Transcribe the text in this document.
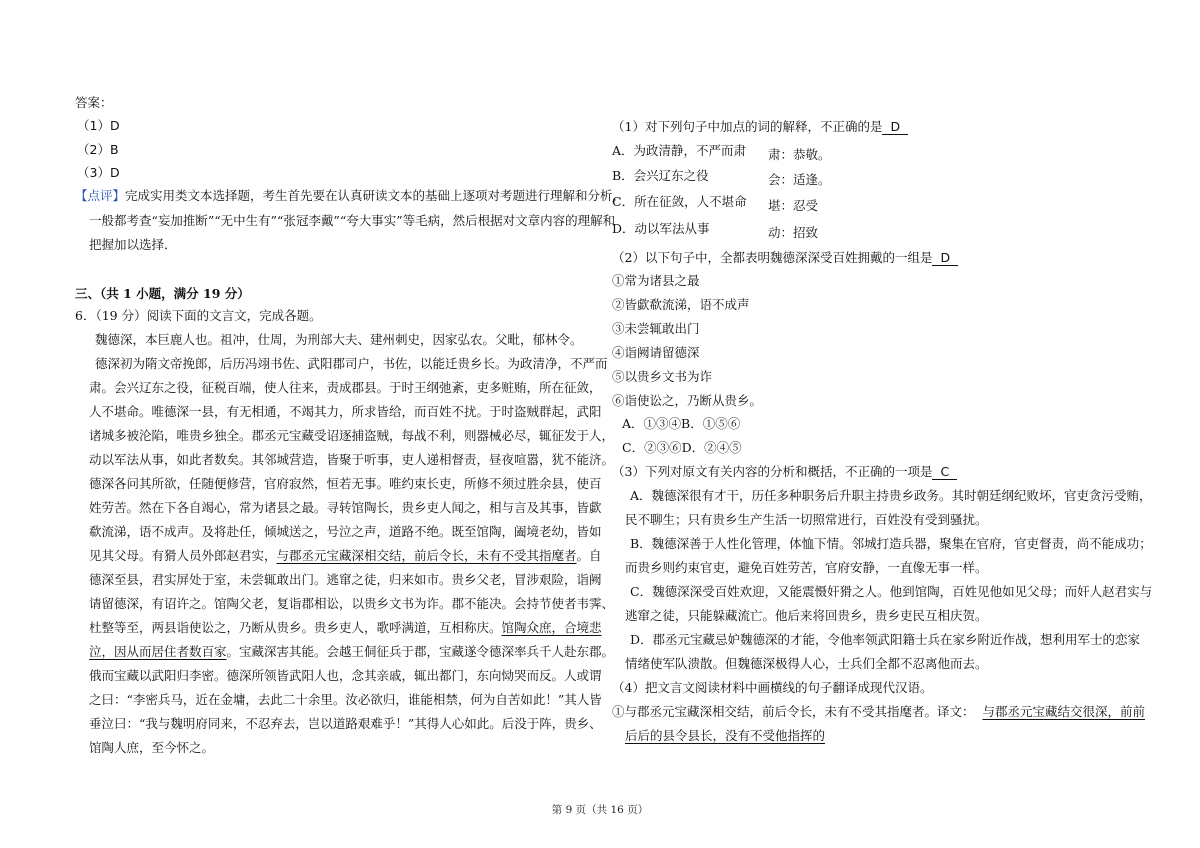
答案：
（1）D
（2）B
（3）D
【点评】完成实用类文本选择题，考生首先要在认真研读文本的基础上逐项对考题进行理解和分析，
一般都考查“妄加推断”“无中生有”“张冠李戴”“夸大事实”等毛病，然后根据对文章内容的理解和
把握加以选择．
三、（共 1 小题，满分 19 分）
6．（19 分）阅读下面的文言文，完成各题。
魏德深，本巨鹿人也。祖冲，仕周，为刑部大夫、建州刺史，因家弘农。父毗，郁林令。
德深初为隋文帝挽郎，后历冯翊书佐、武阳郡司户，书佐，以能迁贵乡长。为政清净，不严而
肃。会兴辽东之役，征税百端，使人往来，责成郡县。于时王纲弛紊，吏多赃贿，所在征敛，
人不堪命。唯德深一县，有无相通，不竭其力，所求皆给，而百姓不扰。于时盗贼群起，武阳
诸城多被沦陷，唯贵乡独全。郡丞元宝藏受诏逐捕盗贼，每战不利，则器械必尽，辄征发于人，
动以军法从事，如此者数矣。其邻城营造，皆聚于听事，吏人递相督责，昼夜喧嚣，犹不能济。
德深各问其所欲，任随便修营，官府寂然，恒若无事。唯约束长吏，所修不须过胜余县，使百
姓劳苦。然在下各自竭心，常为诸县之最。寻转馆陶长，贵乡吏人闻之，相与言及其事，皆歔
欷流涕，语不成声。及将赴任，倾城送之，号泣之声，道路不绝。既至馆陶，阖境老幼，皆如
见其父母。有猾人员外郎赵君实，与郡丞元宝藏深相交结，前后令长，未有不受其指麾者。自
德深至县，君实屏处于室，未尝辄敢出门。逃窜之徒，归来如市。贵乡父老，冒涉艰险，诣阙
请留德深，有诏许之。馆陶父老，复诣郡相讼，以贵乡文书为诈。郡不能决。会持节使者韦霁、
杜整等至，两县诣使讼之，乃断从贵乡。贵乡吏人，歌呼满道，互相称庆。馆陶众庶，合境悲
泣，因从而居住者数百家。宝藏深害其能。会越王侗征兵于郡，宝藏遂令德深率兵千人赴东郡。
俄而宝藏以武阳归李密。德深所领皆武阳人也，念其亲戚，辄出都门，东向恸哭而反。人或谓
之曰：“李密兵马，近在金墉，去此二十余里。汝必欲归，谁能相禁，何为自苦如此！”其人皆
垂泣曰：“我与魏明府同来，不忍弃去，岂以道路艰难乎！”其得人心如此。后没于阵，贵乡、
馆陶人庶，至今怀之。
（1）对下列句子中加点的词的解释，不正确的是 D
A．为政清静，不严而肃 肃：恭敬。
B．会兴辽东之役	会：适逢。
C．所在征敛，人不堪命 堪：忍受
D．动以军法从事	动：招致
（2）以下句子中，全都表明魏德深深受百姓拥戴的一组是 D
①常为诸县之最
②皆歔欷流涕，语不成声
③未尝辄敢出门
④诣阙请留德深
⑤以贵乡文书为诈
⑥诣使讼之，乃断从贵乡。
A．①③④B．①⑤⑥
C．②③⑥D．②④⑤
（3）下列对原文有关内容的分析和概括，不正确的一项是 C
A．魏德深很有才干，历任多种职务后升职主持贵乡政务。其时朝廷纲纪败坏，官吏贪污受贿，
民不聊生；只有贵乡生产生活一切照常进行，百姓没有受到骚扰。
B．魏德深善于人性化管理，体恤下情。邻城打造兵器，聚集在官府，官吏督责，尚不能成功；
而贵乡则约束官吏，避免百姓劳苦，官府安静，一直像无事一样。
C．魏德深深受百姓欢迎，又能震慑奸猾之人。他到馆陶，百姓见他如见父母；而奸人赵君实与
逃窜之徒，只能躲藏流亡。他后来将回贵乡，贵乡吏民互相庆贺。
D．郡丞元宝藏忌妒魏德深的才能，令他率领武阳籍士兵在家乡附近作战，想利用军士的恋家
情绪使军队溃散。但魏德深极得人心，士兵们全都不忍离他而去。
（4）把文言文阅读材料中画横线的句子翻译成现代汉语。
①与郡丞元宝藏深相交结，前后令长，未有不受其指麾者。译文： 与郡丞元宝藏结交很深，前前
后后的县令县长，没有不受他指挥的
第 9 页（共 16 页）
